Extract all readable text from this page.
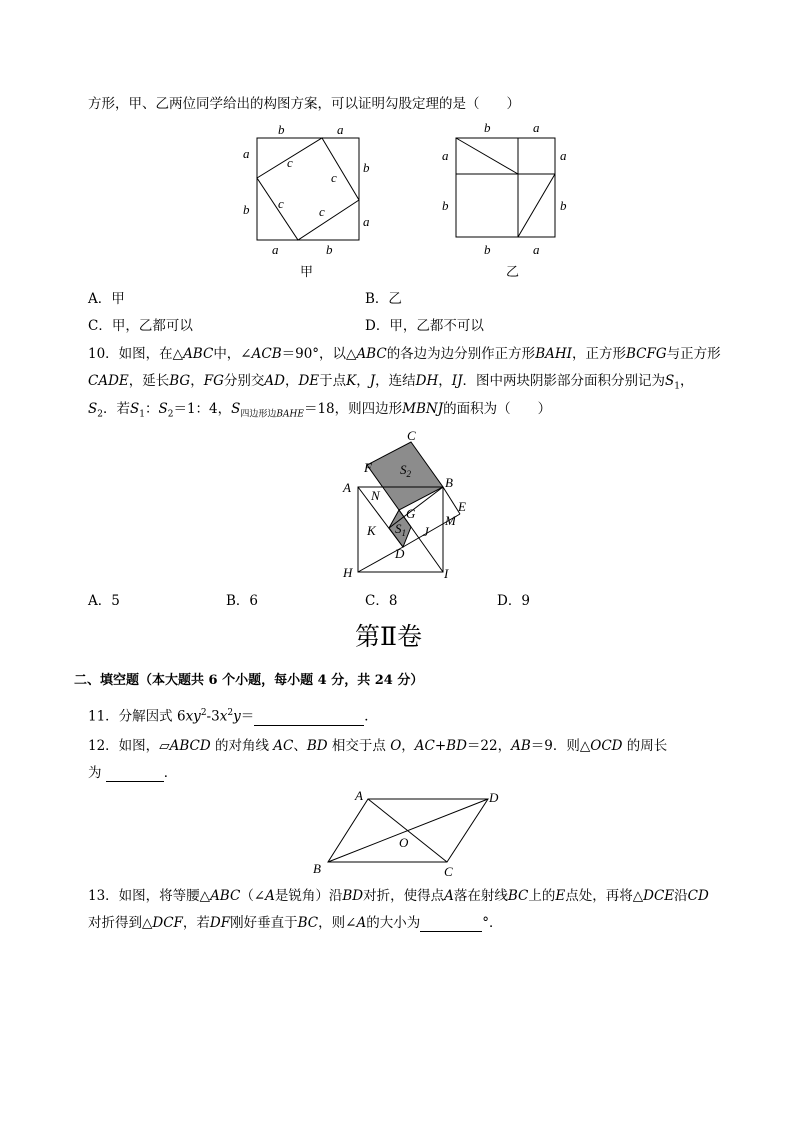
方形，甲、乙两位同学给出的构图方案，可以证明勾股定理的是（　　）
b	a
a
b
b
a
a	b
c
c
c
c
甲
b	a
a
b
a
b
b	a
乙
A．甲	B．乙
C．甲，乙都可以	D．甲，乙都不可以
10．如图，在△ABC中，∠ACB＝90°，以△ABC的各边为边分别作正方形BAHI，正方形BCFG与正方形
CADE，延长BG，FG分别交AD，DE于点K，J，连结DH，IJ．图中两块阴影部分面积分别记为$S_1$，
$S_2$．若$S_1$：$S_2=1$：4，$S_{四边形边BAHE}=18$，则四边形MBNJ的面积为（　　）
C
F $S_2$
A
N
B
E
G M
K $S_1$ J
D
H	I
A．5	B．6	C．8	D．9
第Ⅱ卷
二、填空题（本大题共 6 个小题，每小题 4 分，共 24 分）
11．分解因式 $6xy^2-3x^2y=$	．
12．如图，▱ABCD 的对角线 AC、BD 相交于点 O，AC+BD＝22，AB＝9．则△OCD 的周长
为	．
A	D
O
B	C
13．如图，将等腰△ABC（∠A是锐角）沿BD对折，使得点A落在射线BC上的E点处，再将△DCE沿CD
对折得到△DCF，若DF刚好垂直于BC，则∠A的大小为	°．
